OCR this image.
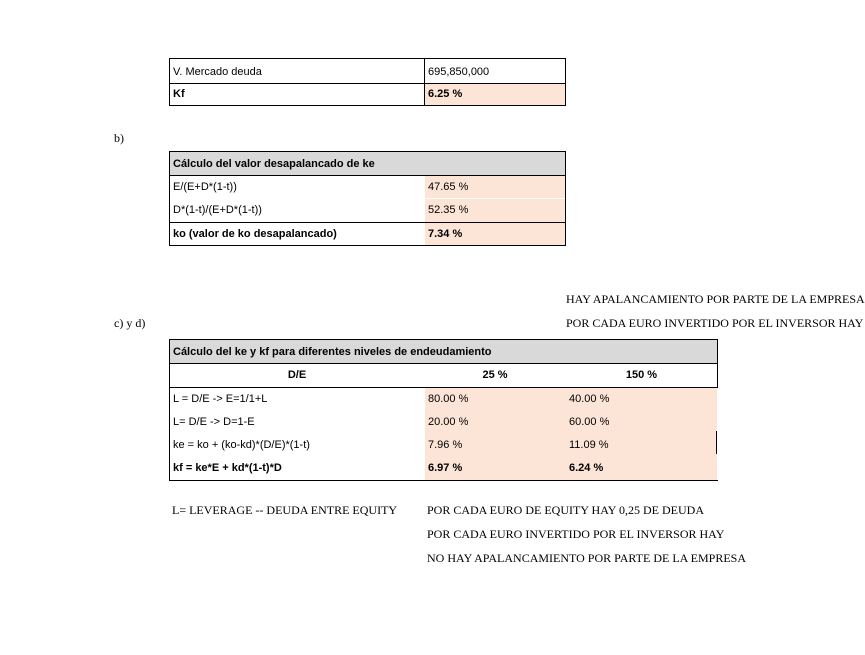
V. Mercado deuda	695,850,000
Kf	6.25 %
b)
Cálculo del valor desapalancado de ke
E/(E+D*(1-t))	47.65 %
D*(1-t)/(E+D*(1-t))	52.35 %
ko (valor de ko desapalancado)	7.34 %
HAY APALANCAMIENTO POR PARTE DE LA EMPRESA
POR CADA EURO INVERTIDO POR EL INVERSOR HAY
c) y d)
Cálculo del ke y kf para diferentes niveles de endeudamiento
D/E	25 %	150 %
L = D/E -> E=1/1+L	80.00 %	40.00 %
L= D/E -> D=1-E	20.00 %	60.00 %
ke = ko + (ko-kd)*(D/E)*(1-t)	7.96 %	11.09 %
kf = ke*E + kd*(1-t)*D	6.97 %	6.24 %
L= LEVERAGE -- DEUDA ENTRE EQUITY POR CADA EURO DE EQUITY HAY 0,25 DE DEUDA
POR CADA EURO INVERTIDO POR EL INVERSOR HAY
NO HAY APALANCAMIENTO POR PARTE DE LA EMPRESA
